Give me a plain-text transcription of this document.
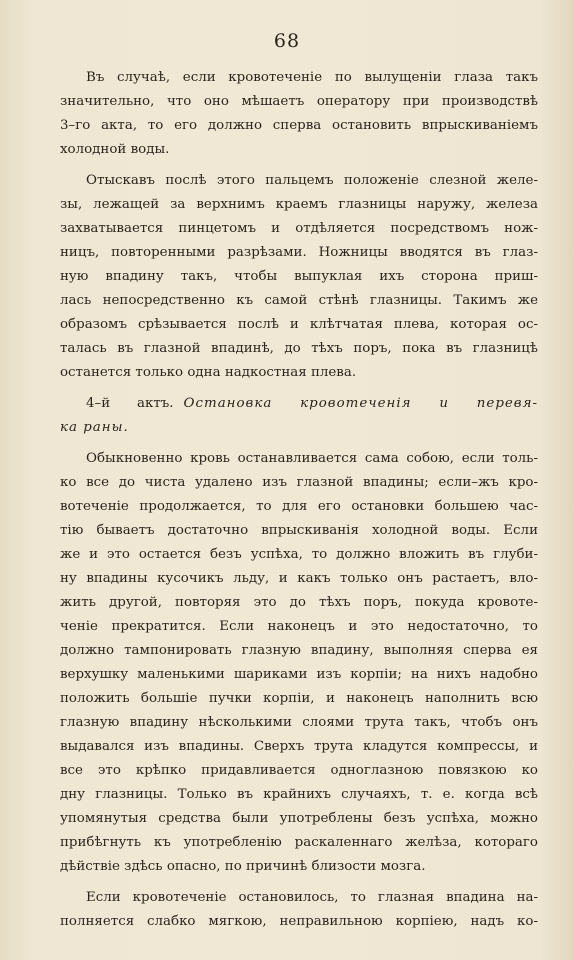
68
Въ случаѣ, если кровотеченіе по вылущеніи глаза такъ
значительно, что оно мѣшаетъ оператору при производствѣ
3–го акта, то его должно сперва остановить впрыскиваніемъ
холодной воды.
Отыскавъ послѣ этого пальцемъ положеніе слезной желе-
зы, лежащей за верхнимъ краемъ глазницы наружу, железа
захватывается пинцетомъ и отдѣляется посредствомъ нож-
ницъ, повторенными разрѣзами. Ножницы вводятся въ глаз-
ную впадину такъ, чтобы выпуклая ихъ сторона приш-
лась непосредственно къ самой стѣнѣ глазницы. Такимъ же
образомъ срѣзывается послѣ и клѣтчатая плева, которая ос-
талась въ глазной впадинѣ, до тѣхъ поръ, пока въ глазницѣ
останется только одна надкостная плева.
4–й актъ. Остановка кровотеченія и перевя-
ка раны.
Обыкновенно кровь останавливается сама собою, если толь-
ко все до чиста удалено изъ глазной впадины; если–жъ кро-
вотеченіе продолжается, то для его остановки большею час-
тію бываетъ достаточно впрыскиванія холодной воды. Если
же и это остается безъ успѣха, то должно вложить въ глуби-
ну впадины кусочикъ льду, и какъ только онъ растаетъ, вло-
жить другой, повторяя это до тѣхъ поръ, покуда кровоте-
ченіе прекратится. Если наконецъ и это недостаточно, то
должно тампонировать глазную впадину, выполняя сперва ея
верхушку маленькими шариками изъ корпіи; на нихъ надобно
положить большіе пучки корпіи, и наконецъ наполнить всю
глазную впадину нѣсколькими слоями трута такъ, чтобъ онъ
выдавался изъ впадины. Сверхъ трута кладутся компрессы, и
все это крѣпко придавливается одноглазною повязкою ко
дну глазницы. Только въ крайнихъ случаяхъ, т. е. когда всѣ
упомянутыя средства были употреблены безъ успѣха, можно
прибѣгнуть къ употребленію раскаленнаго желѣза, котораго
дѣйствіе здѣсь опасно, по причинѣ близости мозга.
Если кровотеченіе остановилось, то глазная впадина на-
полняется слабко мягкою, неправильною корпіею, надъ ко-
